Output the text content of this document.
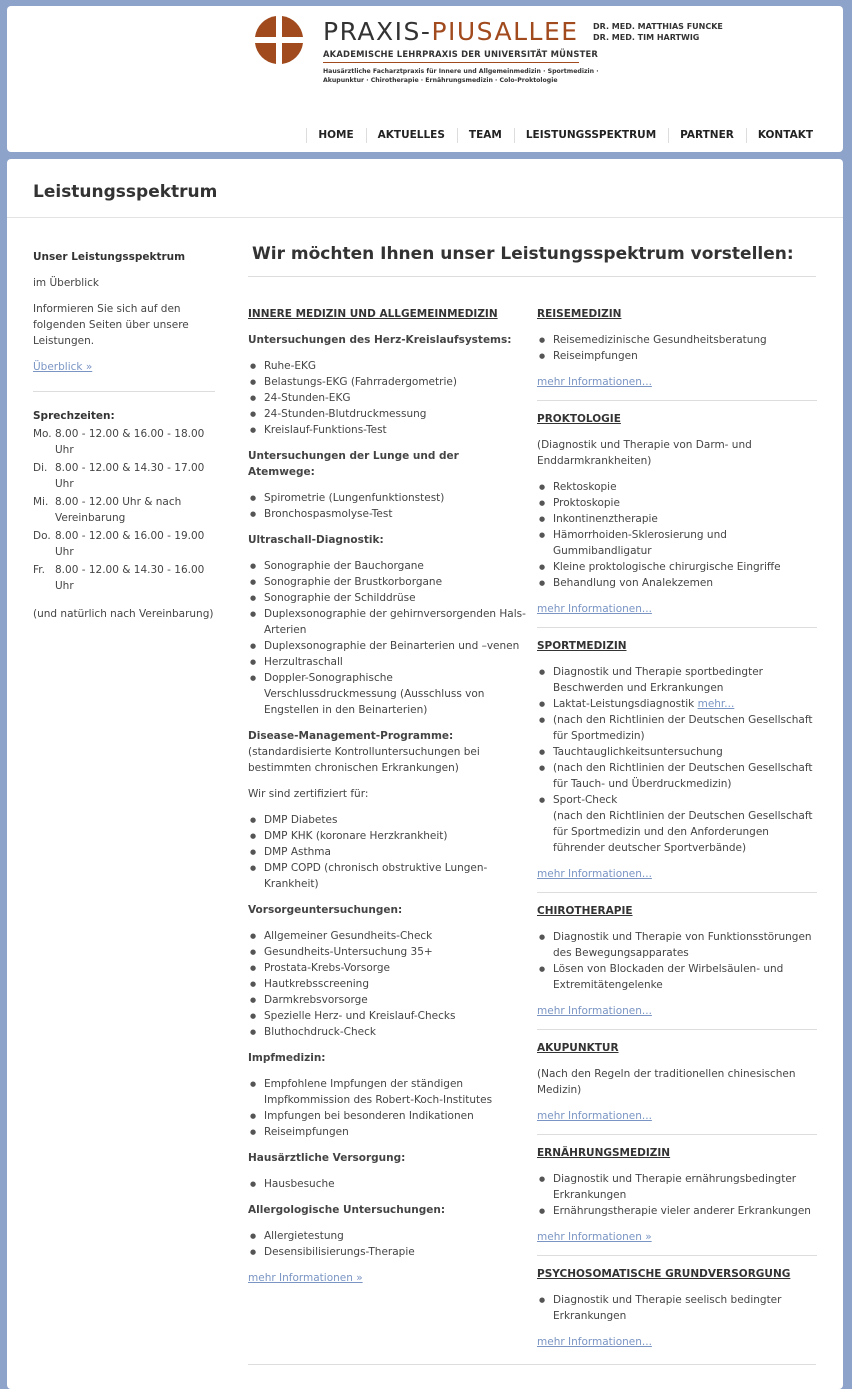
PRAXIS-PIUSALLEE
AKADEMISCHE LEHRPRAXIS DER UNIVERSITÄT MÜNSTER
Hausärztliche Facharztpraxis für Innere und Allgemeinmedizin · Sportmedizin ·
Akupunktur · Chirotherapie · Ernährungsmedizin · Colo-Proktologie
DR. MED. MATTHIAS FUNCKE
DR. MED. TIM HARTWIG
HOME	AKTUELLES	TEAM	LEISTUNGSSPEKTRUM	PARTNER	KONTAKT
Leistungsspektrum

Unser Leistungsspektrum

im Überblick

Informieren Sie sich auf den folgenden Seiten über unsere Leistungen.

Überblick »

Sprechzeiten:
Mo.	8.00 - 12.00 & 16.00 - 18.00 Uhr
Di.	8.00 - 12.00 & 14.30 - 17.00 Uhr
Mi.	8.00 - 12.00 Uhr & nach Vereinbarung
Do.	8.00 - 12.00 & 16.00 - 19.00 Uhr
Fr.	8.00 - 12.00 & 14.30 - 16.00 Uhr

(und natürlich nach Vereinbarung)

Wir möchten Ihnen unser Leistungsspektrum vorstellen:
INNERE MEDIZIN UND ALLGEMEINMEDIZIN
Untersuchungen des Herz-Kreislaufsystems:
● Ruhe-EKG
● Belastungs-EKG (Fahrradergometrie)
● 24-Stunden-EKG
● 24-Stunden-Blutdruckmessung
● Kreislauf-Funktions-Test
Untersuchungen der Lunge und der Atemwege:
● Spirometrie (Lungenfunktionstest)
● Bronchospasmolyse-Test
Ultraschall-Diagnostik:
● Sonographie der Bauchorgane
● Sonographie der Brustkorborgane
● Sonographie der Schilddrüse
● Duplexsonographie der gehirnversorgenden Hals-Arterien
● Duplexsonographie der Beinarterien und –venen
● Herzultraschall
● Doppler-Sonographische Verschlussdruckmessung (Ausschluss von Engstellen in den Beinarterien)
Disease-Management-Programme:
(standardisierte Kontrolluntersuchungen bei bestimmten chronischen Erkrankungen)
Wir sind zertifiziert für:
● DMP Diabetes
● DMP KHK (koronare Herzkrankheit)
● DMP Asthma
● DMP COPD (chronisch obstruktive Lungen-Krankheit)
Vorsorgeuntersuchungen:
● Allgemeiner Gesundheits-Check
● Gesundheits-Untersuchung 35+
● Prostata-Krebs-Vorsorge
● Hautkrebsscreening
● Darmkrebsvorsorge
● Spezielle Herz- und Kreislauf-Checks
● Bluthochdruck-Check
Impfmedizin:
● Empfohlene Impfungen der ständigen Impfkommission des Robert-Koch-Institutes
● Impfungen bei besonderen Indikationen
● Reiseimpfungen
Hausärztliche Versorgung:
● Hausbesuche
Allergologische Untersuchungen:
● Allergietestung
● Desensibilisierungs-Therapie
mehr Informationen »
REISEMEDIZIN
● Reisemedizinische Gesundheitsberatung
● Reiseimpfungen
mehr Informationen...
PROKTOLOGIE
(Diagnostik und Therapie von Darm- und Enddarmkrankheiten)
● Rektoskopie
● Proktoskopie
● Inkontinenztherapie
● Hämorrhoiden-Sklerosierung und Gummibandligatur
● Kleine proktologische chirurgische Eingriffe
● Behandlung von Analekzemen
mehr Informationen...
SPORTMEDIZIN
● Diagnostik und Therapie sportbedingter Beschwerden und Erkrankungen
● Laktat-Leistungsdiagnostik mehr...
● (nach den Richtlinien der Deutschen Gesellschaft für Sportmedizin)
● Tauchtauglichkeitsuntersuchung
● (nach den Richtlinien der Deutschen Gesellschaft für Tauch- und Überdruckmedizin)
● Sport-Check
(nach den Richtlinien der Deutschen Gesellschaft für Sportmedizin und den Anforderungen führender deutscher Sportverbände)
mehr Informationen...
CHIROTHERAPIE
● Diagnostik und Therapie von Funktionsstörungen des Bewegungsapparates
● Lösen von Blockaden der Wirbelsäulen- und Extremitätengelenke
mehr Informationen...
AKUPUNKTUR
(Nach den Regeln der traditionellen chinesischen Medizin)
mehr Informationen...
ERNÄHRUNGSMEDIZIN
● Diagnostik und Therapie ernährungsbedingter Erkrankungen
● Ernährungstherapie vieler anderer Erkrankungen
mehr Informationen »
PSYCHOSOMATISCHE GRUNDVERSORGUNG
● Diagnostik und Therapie seelisch bedingter Erkrankungen
mehr Informationen...
